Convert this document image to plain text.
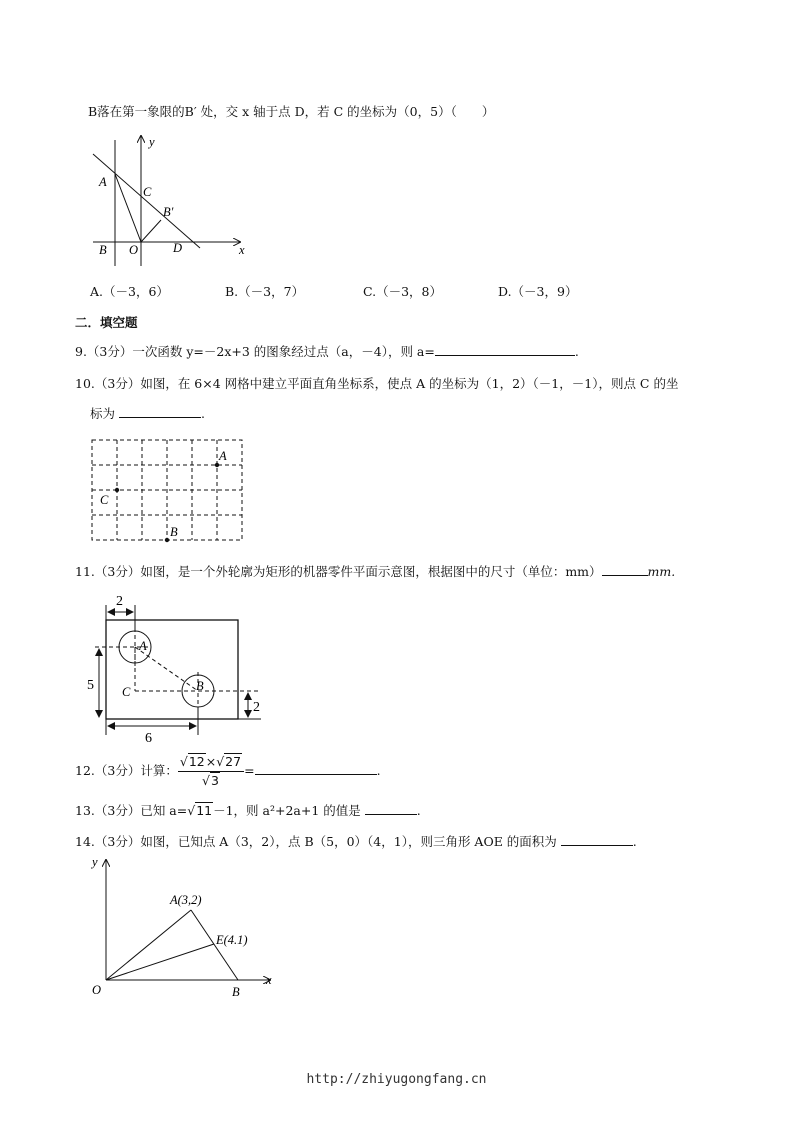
B落在第一象限的B′ 处，交 x 轴于点 D，若 C 的坐标为（0，5）（　　）
A
C
B′
B O	D	x
y
A.（－3，6）	B.（－3，7）	C.（－3，8）	D.（－3，9）
二．填空题
9.（3分）一次函数 y=－2x+3 的图象经过点（a，－4），则 a=	.
10.（3分）如图，在 6×4 网格中建立平面直角坐标系，使点 A 的坐标为（1，2）（－1，－1），则点 C 的坐
标为	.
A
C
B
11.（3分）如图，是一个外轮廓为矩形的机器零件平面示意图，根据图中的尺寸（单位：mm）	mm.
A
B
C
2
5
6
2
12.（3分）计算： $\frac{√12\times√27}{√3}$ =	.
13.（3分）已知 a=√11－1，则 a²+2a+1 的值是	.
14.（3分）如图，已知点 A（3，2），点 B（5，0）（4，1），则三角形 AOE 的面积为	.
A(3,2)
E(4.1)
O	B
x
y
http://zhiyugongfang.cn
